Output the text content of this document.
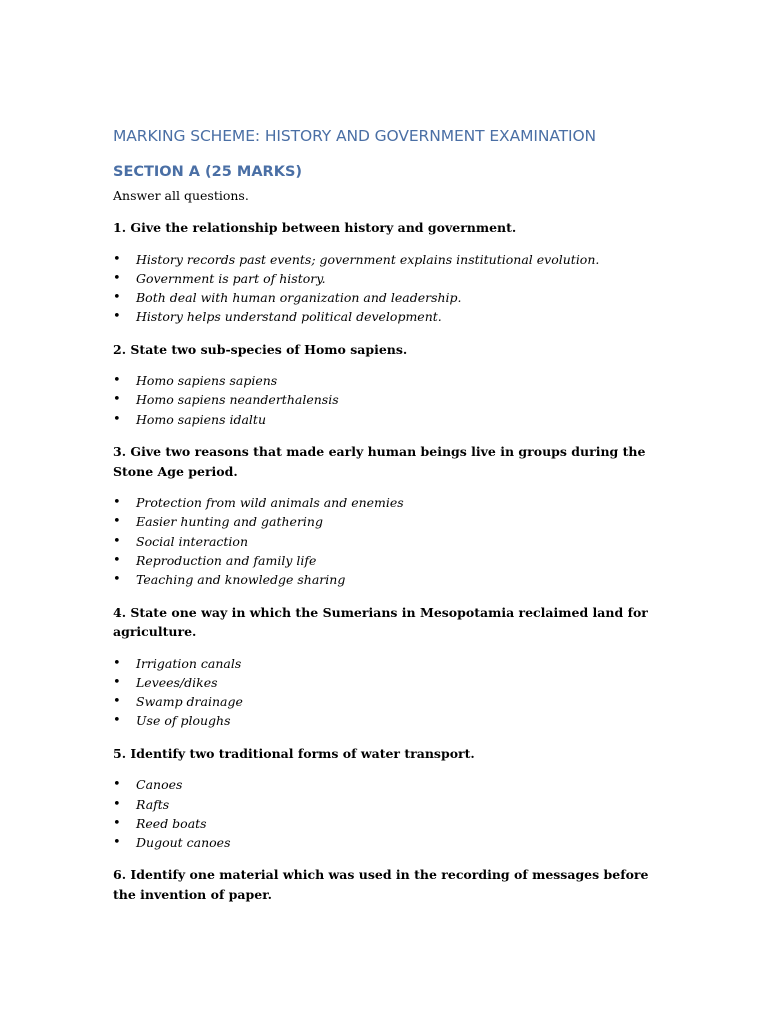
MARKING SCHEME: HISTORY AND GOVERNMENT EXAMINATION
SECTION A (25 MARKS)

Answer all questions.

1. Give the relationship between history and government.

• History records past events; government explains institutional evolution.
• Government is part of history.
• Both deal with human organization and leadership.
• History helps understand political development.

2. State two sub-species of Homo sapiens.

• Homo sapiens sapiens
• Homo sapiens neanderthalensis
• Homo sapiens idaltu

3. Give two reasons that made early human beings live in groups during the Stone Age period.

• Protection from wild animals and enemies
• Easier hunting and gathering
• Social interaction
• Reproduction and family life
• Teaching and knowledge sharing

4. State one way in which the Sumerians in Mesopotamia reclaimed land for agriculture.

• Irrigation canals
• Levees/dikes
• Swamp drainage
• Use of ploughs

5. Identify two traditional forms of water transport.

• Canoes
• Rafts
• Reed boats
• Dugout canoes

6. Identify one material which was used in the recording of messages before the invention of paper.
